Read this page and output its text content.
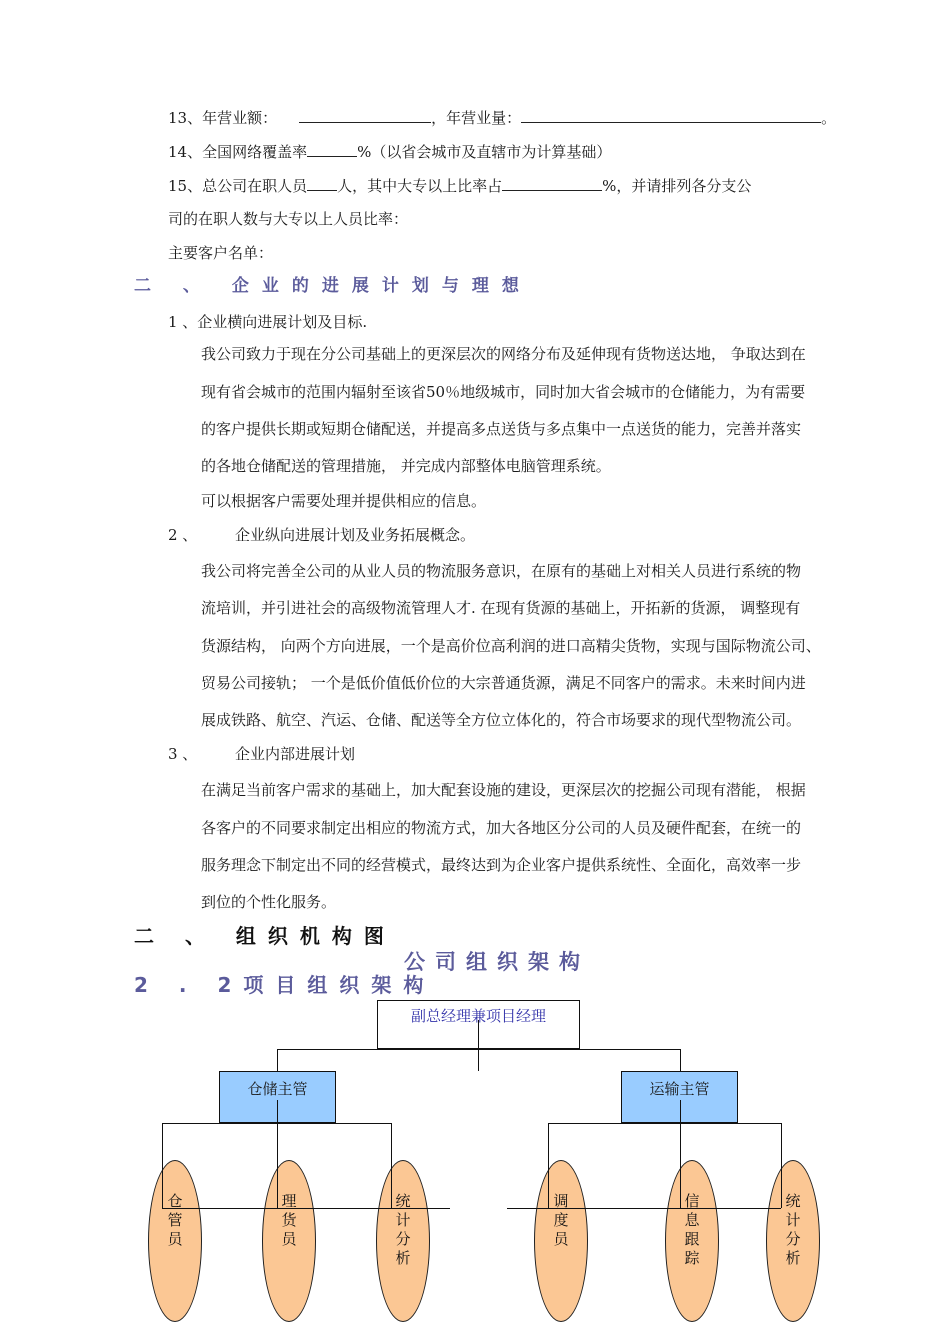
13、年营业额：	，年营业量：	。
14、全国网络覆盖率	%（以省会城市及直辖市为计算基础）
15、总公司在职人员 人，其中大专以上比率占	%，并请排列各分支公
司的在职人数与大专以上人员比率：
主要客户名单：
二 、 企业的进展计划与理想
1 、企业横向进展计划及目标.
我公司致力于现在分公司基础上的更深层次的网络分布及延伸现有货物送达地， 争取达到在
现有省会城市的范围内辐射至该省50％地级城市，同时加大省会城市的仓储能力，为有需要
的客户提供长期或短期仓储配送，并提高多点送货与多点集中一点送货的能力，完善并落实
的各地仓储配送的管理措施， 并完成内部整体电脑管理系统。
可以根据客户需要处理并提供相应的信息。
2 、	企业纵向进展计划及业务拓展概念。
我公司将完善全公司的从业人员的物流服务意识，在原有的基础上对相关人员进行系统的物
流培训，并引进社会的高级物流管理人才. 在现有货源的基础上，开拓新的货源， 调整现有
货源结构， 向两个方向进展，一个是高价位高利润的进口高精尖货物，实现与国际物流公司、
贸易公司接轨； 一个是低价值低价位的大宗普通货源，满足不同客户的需求。未来时间内进
展成铁路、航空、汽运、仓储、配送等全方位立体化的，符合市场要求的现代型物流公司。
3 、	企业内部进展计划
在满足当前客户需求的基础上，加大配套设施的建设，更深层次的挖掘公司现有潜能， 根据
各客户的不同要求制定出相应的物流方式，加大各地区分公司的人员及硬件配套，在统一的
服务理念下制定出不同的经营模式，最终达到为企业客户提供系统性、全面化，高效率一步
到位的个性化服务。
二 、 组织机构图
公司组织架构
2 . 2项目组织架构
副总经理兼项目经理
仓储主管	运输主管
仓管员
理货员
统计分析
调度员
信息跟踪
统计分析
